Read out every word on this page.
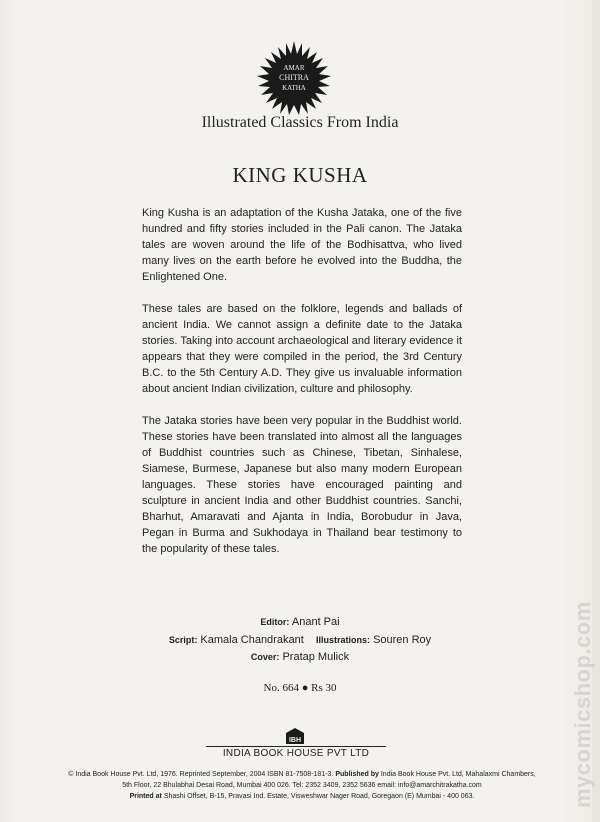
AMAR
CHITRA
KATHA
Illustrated Classics From India
KING KUSHA

King Kusha is an adaptation of the Kusha Jataka, one of the five hundred and fifty stories included in the Pali canon. The Jataka tales are woven around the life of the Bodhisattva, who lived many lives on the earth before he evolved into the Buddha, the Enlightened One.

These tales are based on the folklore, legends and ballads of ancient India. We cannot assign a definite date to the Jataka stories. Taking into account archaeological and literary evidence it appears that they were compiled in the period, the 3rd Century B.C. to the 5th Century A.D. They give us invaluable information about ancient Indian civilization, culture and philosophy.

The Jataka stories have been very popular in the Buddhist world. These stories have been translated into almost all the languages of Buddhist countries such as Chinese, Tibetan, Sinhalese, Siamese, Burmese, Japanese but also many modern European languages. These stories have encouraged painting and sculpture in ancient India and other Buddhist countries. Sanchi, Bharhut, Amaravati and Ajanta in India, Borobudur in Java, Pegan in Burma and Sukhodaya in Thailand bear testimony to the popularity of these tales.

Editor: Anant Pai
Script: Kamala Chandrakant Illustrations: Souren Roy
Cover: Pratap Mulick
No. 664 ● Rs 30
IBH
INDIA BOOK HOUSE PVT LTD
© India Book House Pvt. Ltd, 1976. Reprinted September, 2004 ISBN 81-7508-181-3. Published by India Book House Pvt. Ltd, Mahalaxmi Chambers,
5th Floor, 22 Bhulabhai Desai Road, Mumbai 400 026. Tel: 2352 3409, 2352 5636 email: info@amarchitrakatha.com
Printed at Shashi Offset, B-15, Pravasi Ind. Estate, Visweshwar Nager Road, Goregaon (E) Mumbai - 400 063.	mycomicshop.com
